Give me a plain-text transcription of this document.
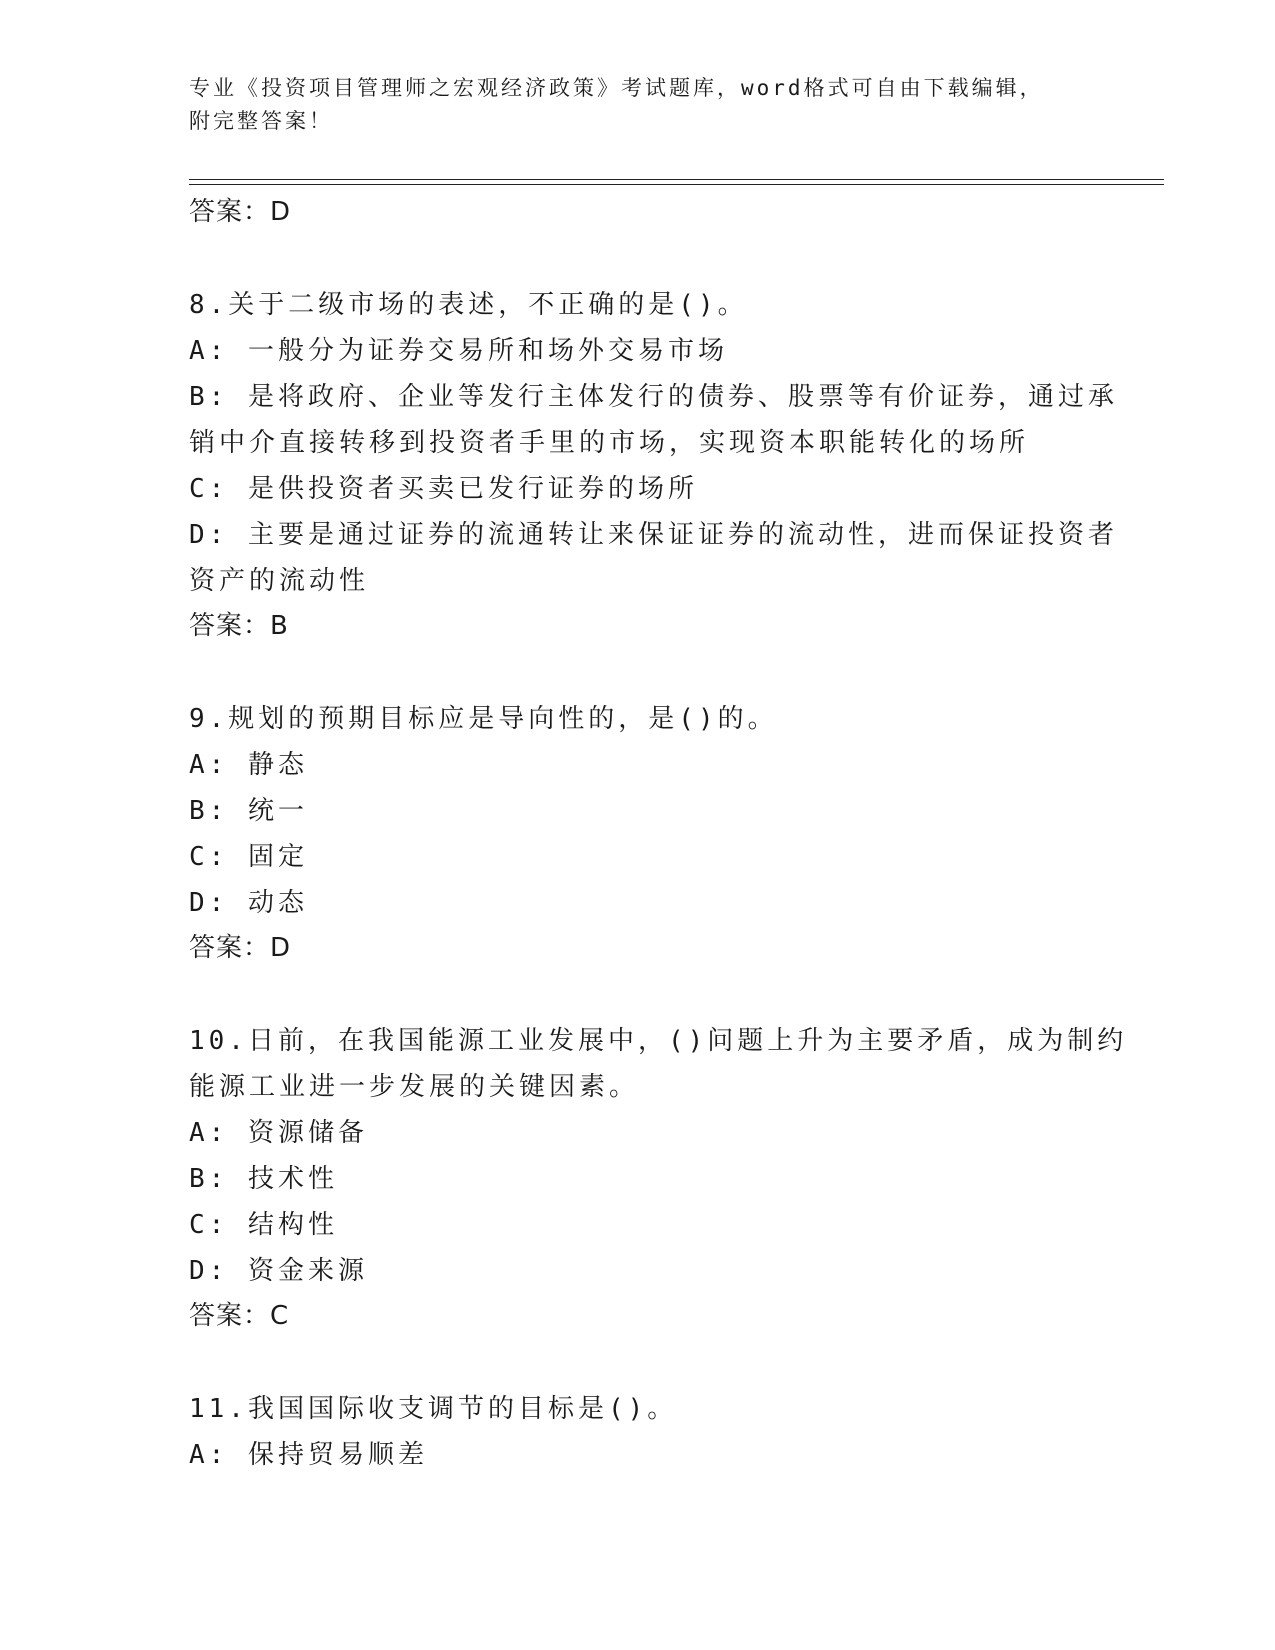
专业《投资项目管理师之宏观经济政策》考试题库，word格式可自由下载编辑，
附完整答案！
答案：D
8.关于二级市场的表述，不正确的是()。
A: 一般分为证券交易所和场外交易市场
B: 是将政府、企业等发行主体发行的债券、股票等有价证券，通过承
销中介直接转移到投资者手里的市场，实现资本职能转化的场所
C: 是供投资者买卖已发行证券的场所
D: 主要是通过证券的流通转让来保证证券的流动性，进而保证投资者
资产的流动性
答案：B
9.规划的预期目标应是导向性的，是()的。
A: 静态
B: 统一
C: 固定
D: 动态
答案：D
10.日前，在我国能源工业发展中，()问题上升为主要矛盾，成为制约
能源工业进一步发展的关键因素。
A: 资源储备
B: 技术性
C: 结构性
D: 资金来源
答案：C
11.我国国际收支调节的目标是()。
A: 保持贸易顺差
